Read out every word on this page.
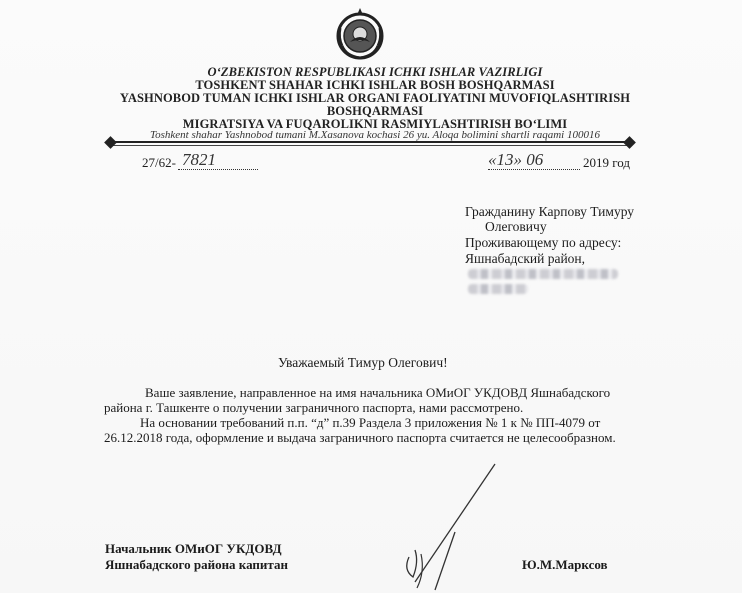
O‘ZBEKISTON RESPUBLIKASI ICHKI ISHLAR VAZIRLIGI
TOSHKENT SHAHAR ICHKI ISHLAR BOSH BOSHQARMASI
YASHNOBOD TUMAN ICHKI ISHLAR ORGANI FAOLIYATINI MUVOFIQLASHTIRISH
BOSHQARMASI
MIGRATSIYA VA FUQAROLIKNI RASMIYLASHTIRISH BO‘LIMI
Toshkent shahar Yashnobod tumani M.Xasanova kochasi 26 yu. Aloqa bolimini shartli raqami 100016
27/62- 7821	«13» 06	2019 год
Гражданину Карпову Тимуру
Олеговичу
Проживающему по адресу:
Яшнабадский район,
Уважаемый Тимур Олегович!
Ваше заявление, направленное на имя начальника ОМиОГ УКДОВД Яшнабадского
района г. Ташкенте о получении заграничного паспорта, нами рассмотрено.
На основании требований п.п. “д” п.39 Раздела 3 приложения № 1 к № ПП-4079 от
26.12.2018 года, оформление и выдача заграничного паспорта считается не целесообразном.
Начальник ОМиОГ УКДОВД
Яшнабадского района капитан	Ю.М.Марксов
